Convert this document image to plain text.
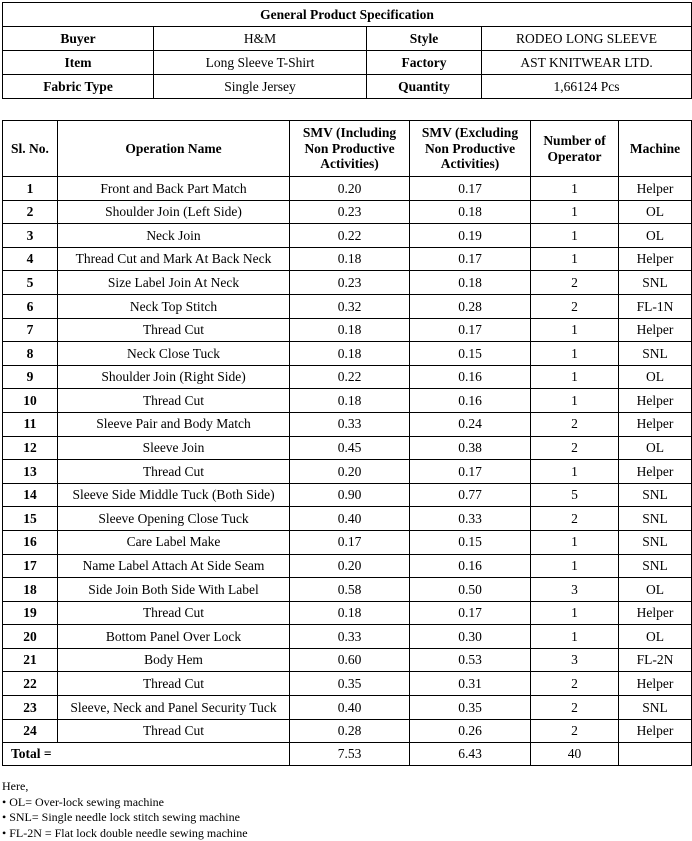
General Product Specification			
Buyer	H&M	Style	RODEO LONG SLEEVE
Item	Long Sleeve T-Shirt	Factory	AST KNITWEAR LTD.
Fabric Type	Single Jersey	Quantity	1,66124 Pcs
Sl. No.	Operation Name	SMV (Including Non Productive Activities)	SMV (Excluding Non Productive Activities)	Number of Operator	Machine
1	Front and Back Part Match	0.20	0.17	1	Helper
2	Shoulder Join (Left Side)	0.23	0.18	1	OL
3	Neck Join	0.22	0.19	1	OL
4	Thread Cut and Mark At Back Neck	0.18	0.17	1	Helper
5	Size Label Join At Neck	0.23	0.18	2	SNL
6	Neck Top Stitch	0.32	0.28	2	FL-1N
7	Thread Cut	0.18	0.17	1	Helper
8	Neck Close Tuck	0.18	0.15	1	SNL
9	Shoulder Join (Right Side)	0.22	0.16	1	OL
10	Thread Cut	0.18	0.16	1	Helper
11	Sleeve Pair and Body Match	0.33	0.24	2	Helper
12	Sleeve Join	0.45	0.38	2	OL
13	Thread Cut	0.20	0.17	1	Helper
14	Sleeve Side Middle Tuck (Both Side)	0.90	0.77	5	SNL
15	Sleeve Opening Close Tuck	0.40	0.33	2	SNL
16	Care Label Make	0.17	0.15	1	SNL
17	Name Label Attach At Side Seam	0.20	0.16	1	SNL
18	Side Join Both Side With Label	0.58	0.50	3	OL
19	Thread Cut	0.18	0.17	1	Helper
20	Bottom Panel Over Lock	0.33	0.30	1	OL
21	Body Hem	0.60	0.53	3	FL-2N
22	Thread Cut	0.35	0.31	2	Helper
23	Sleeve, Neck and Panel Security Tuck	0.40	0.35	2	SNL
24	Thread Cut	0.28	0.26	2	Helper
Total =		7.53	6.43	40	
Here,
• OL= Over-lock sewing machine
• SNL= Single needle lock stitch sewing machine
• FL-2N = Flat lock double needle sewing machine
